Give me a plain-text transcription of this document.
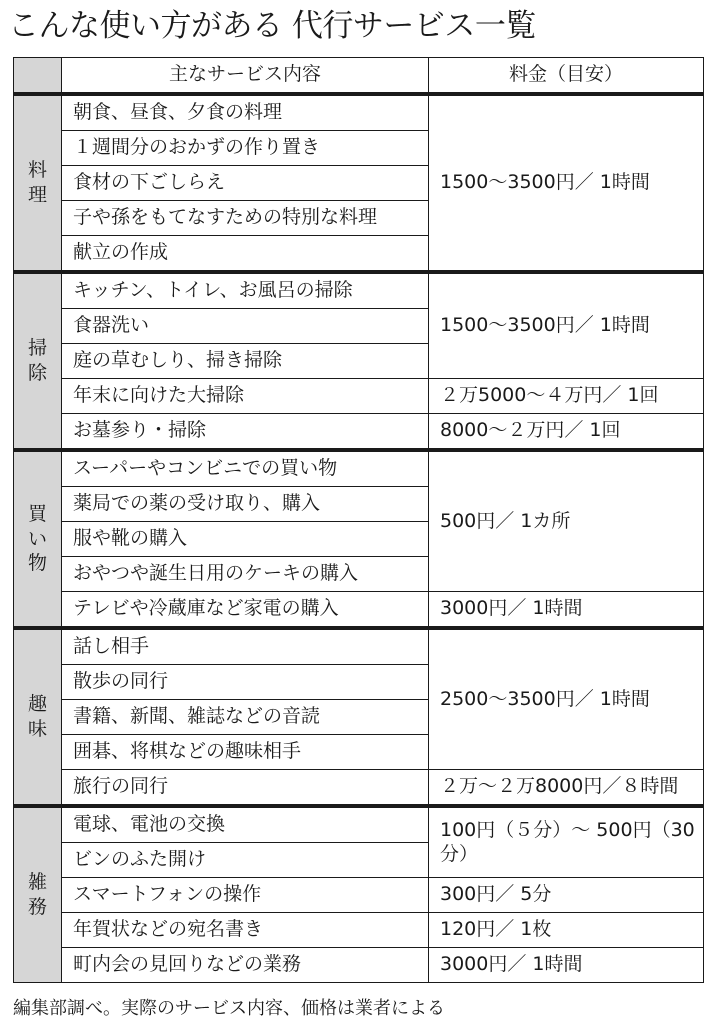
こんな使い方がある 代行サービス一覧
	主なサービス内容	料金（目安）
料理	朝食、昼食、夕食の料理	1500〜3500円／ 1時間
	１週間分のおかずの作り置き	
	食材の下ごしらえ	
	子や孫をもてなすための特別な料理	
	献立の作成	
掃除	キッチン、トイレ、お風呂の掃除	1500〜3500円／ 1時間
	食器洗い	
	庭の草むしり、掃き掃除	
	年末に向けた大掃除	２万5000〜４万円／ 1回
	お墓参り・掃除	8000〜２万円／ 1回
買い物	スーパーやコンビニでの買い物	500円／ 1カ所
	薬局での薬の受け取り、購入	
	服や靴の購入	
	おやつや誕生日用のケーキの購入	
	テレビや冷蔵庫など家電の購入	3000円／ 1時間
趣味	話し相手	2500〜3500円／ 1時間
	散歩の同行	
	書籍、新聞、雑誌などの音読	
	囲碁、将棋などの趣味相手	
	旅行の同行	２万〜２万8000円／８時間
雑務	電球、電池の交換	100円（５分）〜 500円（30分）
	ビンのふた開け	
	スマートフォンの操作	300円／ 5分
	年賀状などの宛名書き	120円／ 1枚
	町内会の見回りなどの業務	3000円／ 1時間
編集部調べ。実際のサービス内容、価格は業者による
